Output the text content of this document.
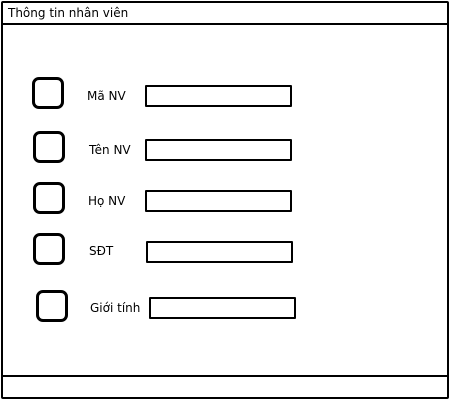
Thông tin nhân viên
Mã NV
Tên NV
Họ NV
SĐT
Giới tính
